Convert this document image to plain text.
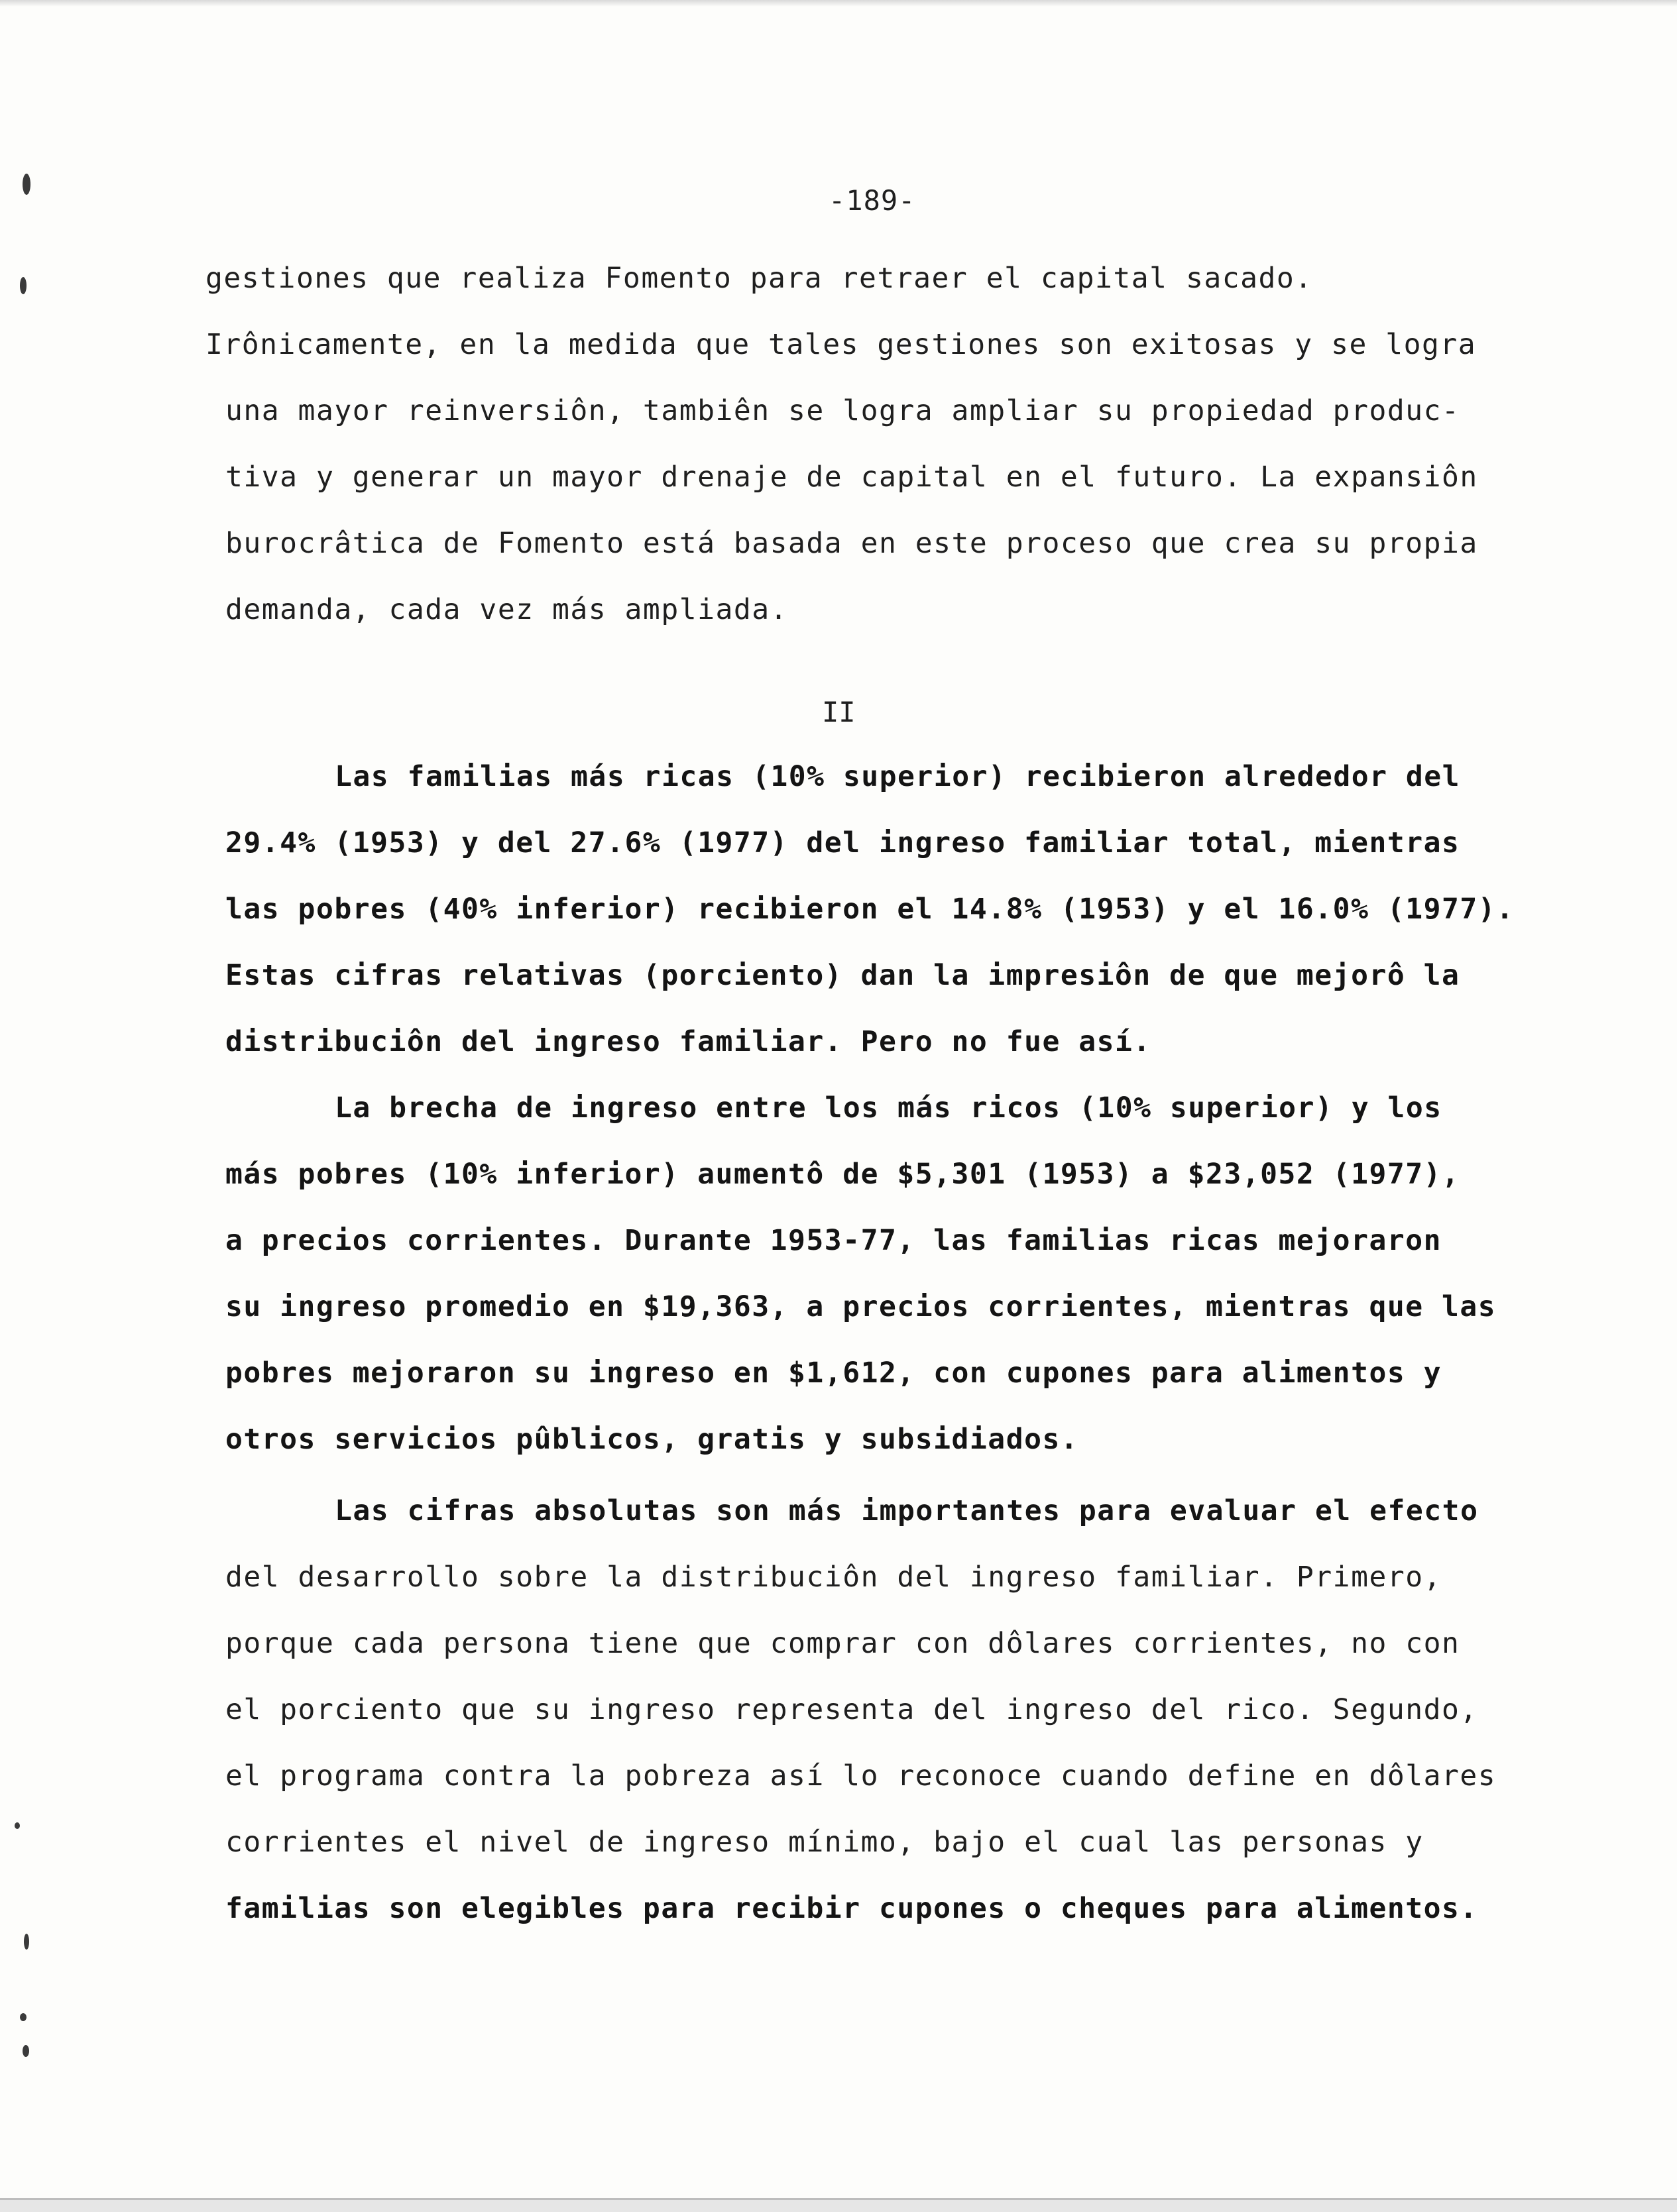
-189-
gestiones que realiza Fomento para retraer el capital sacado.
Irônicamente, en la medida que tales gestiones son exitosas y se logra
una mayor reinversiôn, tambiên se logra ampliar su propiedad produc-
tiva y generar un mayor drenaje de capital en el futuro. La expansiôn
burocrâtica de Fomento está basada en este proceso que crea su propia
demanda, cada vez más ampliada.
II
Las familias más ricas (10% superior) recibieron alrededor del
29.4% (1953) y del 27.6% (1977) del ingreso familiar total, mientras
las pobres (40% inferior) recibieron el 14.8% (1953) y el 16.0% (1977).
Estas cifras relativas (porciento) dan la impresiôn de que mejorô la
distribuciôn del ingreso familiar. Pero no fue así.
La brecha de ingreso entre los más ricos (10% superior) y los
más pobres (10% inferior) aumentô de $5,301 (1953) a $23,052 (1977),
a precios corrientes. Durante 1953-77, las familias ricas mejoraron
su ingreso promedio en $19,363, a precios corrientes, mientras que las
pobres mejoraron su ingreso en $1,612, con cupones para alimentos y
otros servicios pûblicos, gratis y subsidiados.
Las cifras absolutas son más importantes para evaluar el efecto
del desarrollo sobre la distribuciôn del ingreso familiar. Primero,
porque cada persona tiene que comprar con dôlares corrientes, no con
el porciento que su ingreso representa del ingreso del rico. Segundo,
el programa contra la pobreza así lo reconoce cuando define en dôlares
corrientes el nivel de ingreso mínimo, bajo el cual las personas y
familias son elegibles para recibir cupones o cheques para alimentos.
